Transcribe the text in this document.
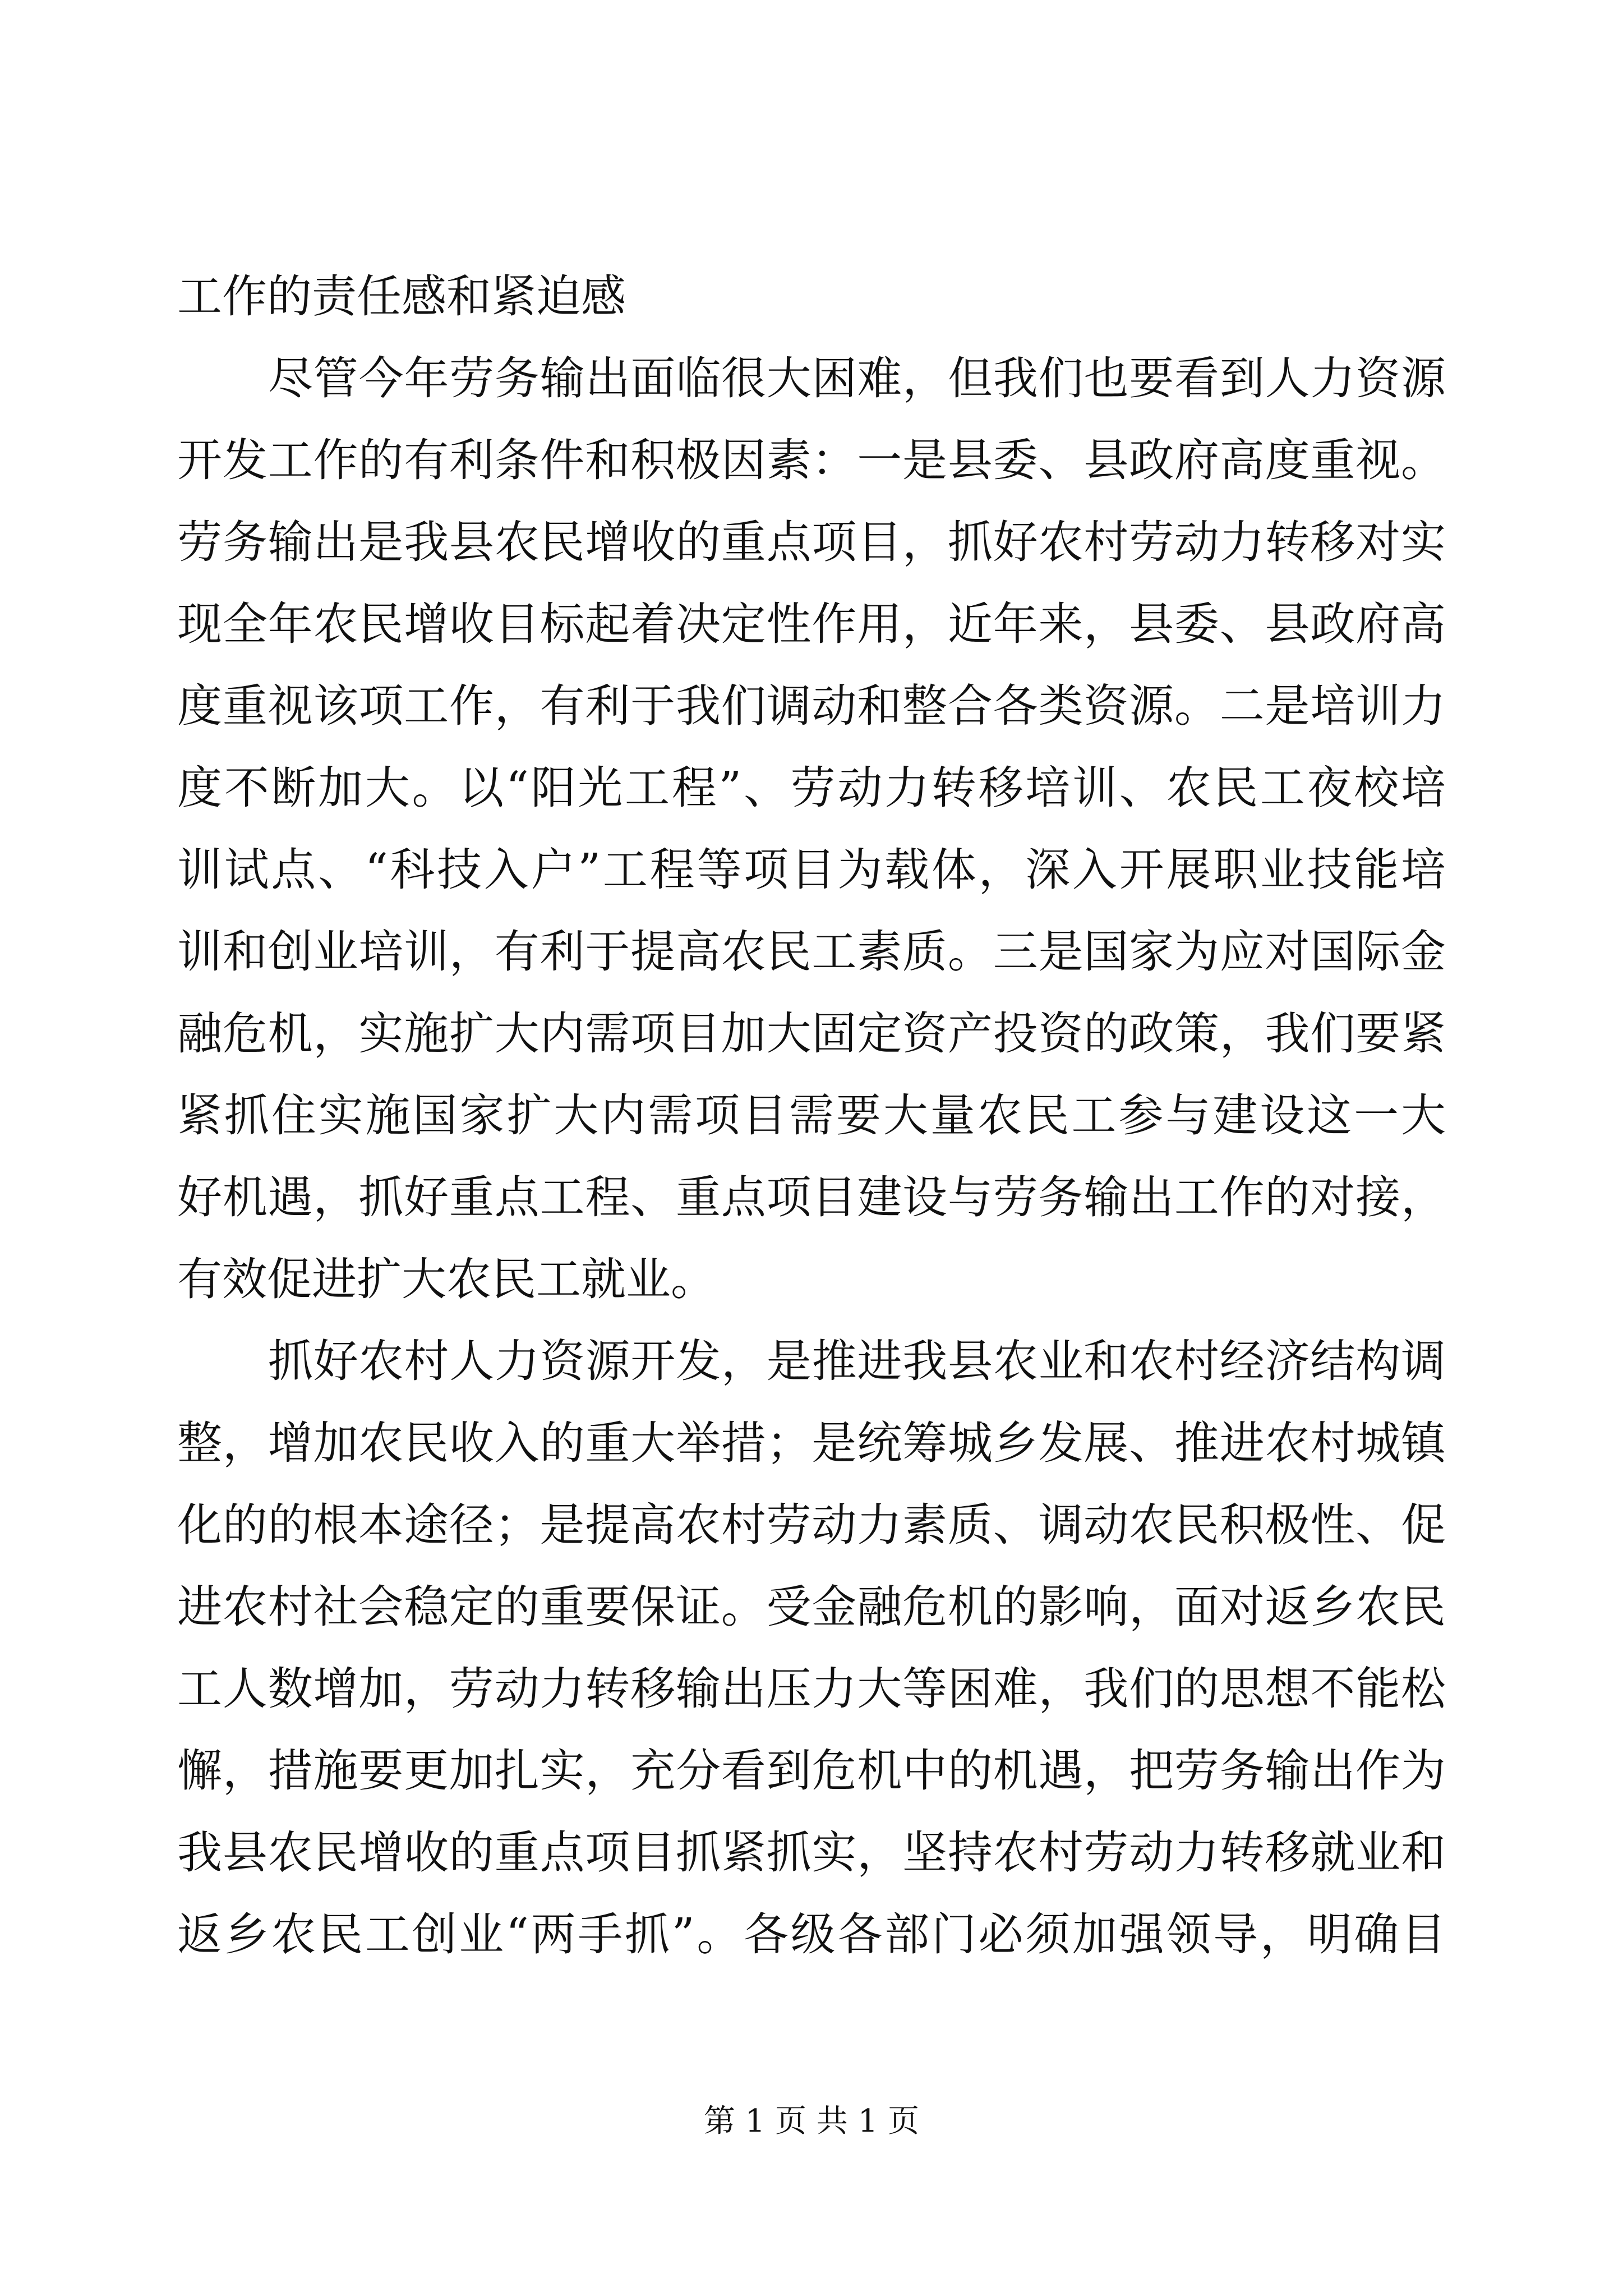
工作的责任感和紧迫感
尽管今年劳务输出面临很大困难，但我们也要看到人力资源
开发工作的有利条件和积极因素：一是县委、县政府高度重视。
劳务输出是我县农民增收的重点项目，抓好农村劳动力转移对实
现全年农民增收目标起着决定性作用，近年来，县委、县政府高
度重视该项工作，有利于我们调动和整合各类资源。二是培训力
度不断加大。以“阳光工程”、劳动力转移培训、农民工夜校培
训试点、“科技入户”工程等项目为载体，深入开展职业技能培
训和创业培训，有利于提高农民工素质。三是国家为应对国际金
融危机，实施扩大内需项目加大固定资产投资的政策，我们要紧
紧抓住实施国家扩大内需项目需要大量农民工参与建设这一大
好机遇，抓好重点工程、重点项目建设与劳务输出工作的对接，
有效促进扩大农民工就业。
抓好农村人力资源开发，是推进我县农业和农村经济结构调
整，增加农民收入的重大举措；是统筹城乡发展、推进农村城镇
化的的根本途径；是提高农村劳动力素质、调动农民积极性、促
进农村社会稳定的重要保证。受金融危机的影响，面对返乡农民
工人数增加，劳动力转移输出压力大等困难，我们的思想不能松
懈，措施要更加扎实，充分看到危机中的机遇，把劳务输出作为
我县农民增收的重点项目抓紧抓实，坚持农村劳动力转移就业和
返乡农民工创业“两手抓”。各级各部门必须加强领导，明确目
第 1 页 共 1 页
